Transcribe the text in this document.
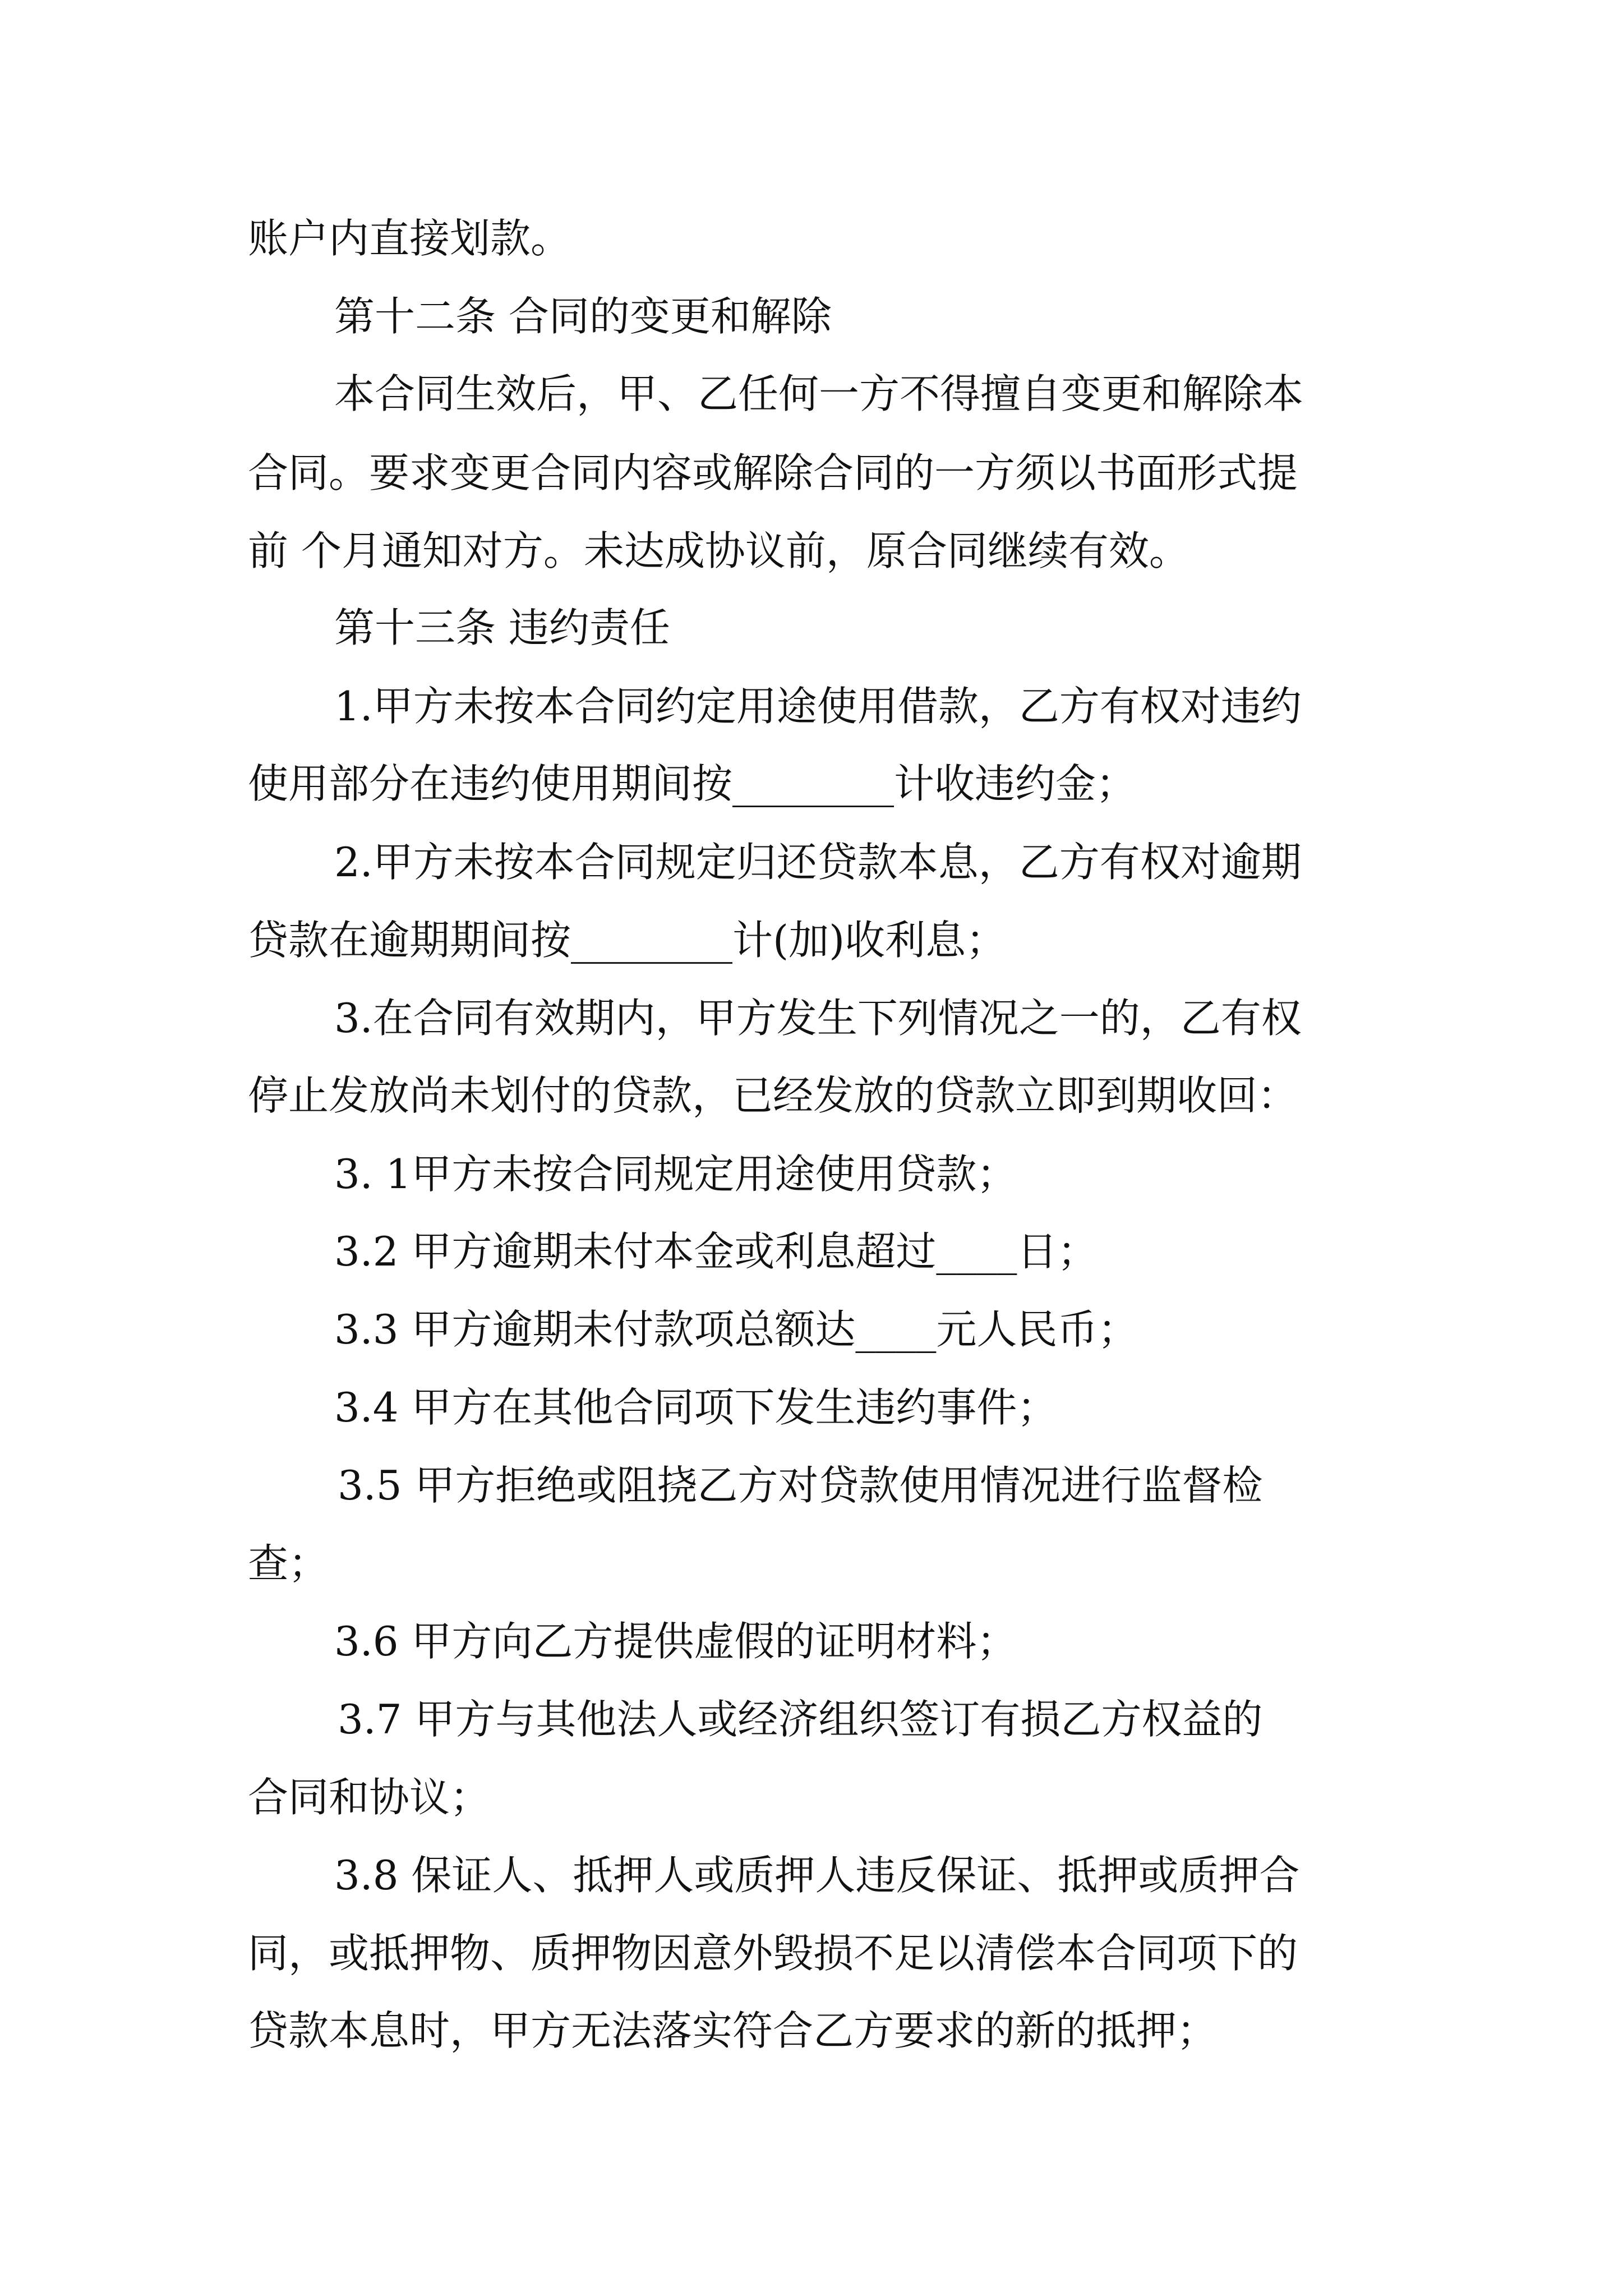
账户内直接划款。

第十二条 合同的变更和解除

本合同生效后，甲、乙任何一方不得擅自变更和解除本

合同。要求变更合同内容或解除合同的一方须以书面形式提

前 个月通知对方。未达成协议前，原合同继续有效。

第十三条 违约责任

1.甲方未按本合同约定用途使用借款，乙方有权对违约

使用部分在违约使用期间按________计收违约金；

2.甲方未按本合同规定归还贷款本息，乙方有权对逾期

贷款在逾期期间按________计(加)收利息；

3.在合同有效期内，甲方发生下列情况之一的，乙有权

停止发放尚未划付的贷款，已经发放的贷款立即到期收回：

3. 1甲方未按合同规定用途使用贷款；

3.2 甲方逾期未付本金或利息超过____日；

3.3 甲方逾期未付款项总额达____元人民币；

3.4 甲方在其他合同项下发生违约事件；

3.5 甲方拒绝或阻挠乙方对贷款使用情况进行监督检

查；

3.6 甲方向乙方提供虚假的证明材料；

3.7 甲方与其他法人或经济组织签订有损乙方权益的

合同和协议；

3.8 保证人、抵押人或质押人违反保证、抵押或质押合

同，或抵押物、质押物因意外毁损不足以清偿本合同项下的

贷款本息时，甲方无法落实符合乙方要求的新的抵押；
